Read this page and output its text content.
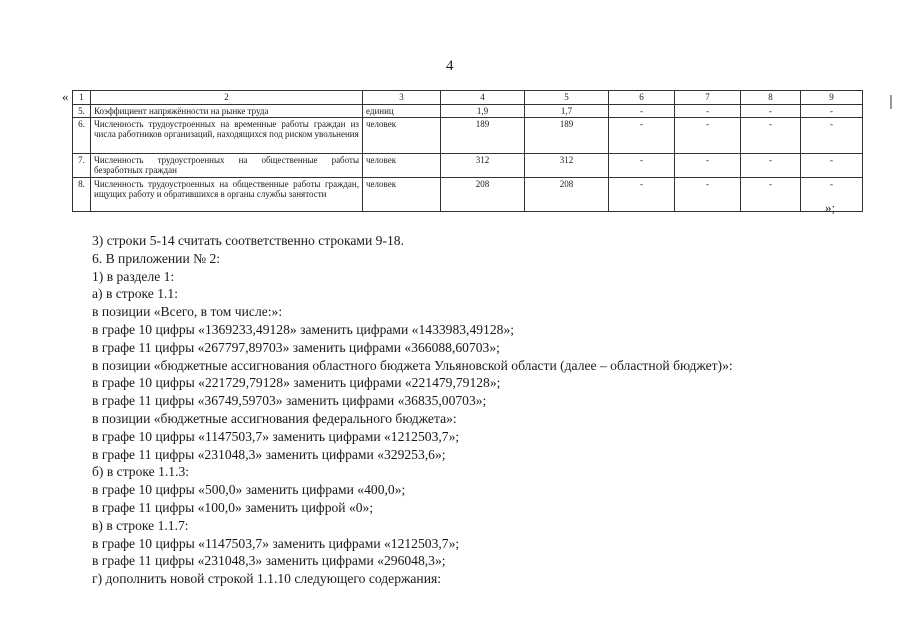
4
«
»;
1	2	3	4	5	6	7	8	9
5.	Коэффициент напряжённости на рынке труда	единиц	1,9	1,7	-	-	-	-
6.	Численность трудоустроенных на временные работы граждан из числа работников организаций, находящихся под риском увольнения	человек	189	189	-	-	-	-
7.	Численность трудоустроенных на общественные работы безработных граждан	человек	312	312	-	-	-	-
8.	Численность трудоустроенных на общественные работы граждан, ищущих работу и обратившихся в органы службы занятости	человек	208	208	-	-	-	-
3) строки 5-14 считать соответственно строками 9-18.
6. В приложении № 2:
1) в разделе 1:
а) в строке 1.1:
в позиции «Всего, в том числе:»:
в графе 10 цифры «1369233,49128» заменить цифрами «1433983,49128»;
в графе 11 цифры «267797,89703» заменить цифрами «366088,60703»;
в позиции «бюджетные ассигнования областного бюджета Ульяновской области (далее – областной бюджет)»:
в графе 10 цифры «221729,79128» заменить цифрами «221479,79128»;
в графе 11 цифры «36749,59703» заменить цифрами «36835,00703»;
в позиции «бюджетные ассигнования федерального бюджета»:
в графе 10 цифры «1147503,7» заменить цифрами «1212503,7»;
в графе 11 цифры «231048,3» заменить цифрами «329253,6»;
б) в строке 1.1.3:
в графе 10 цифры «500,0» заменить цифрами «400,0»;
в графе 11 цифры «100,0» заменить цифрой «0»;
в) в строке 1.1.7:
в графе 10 цифры «1147503,7» заменить цифрами «1212503,7»;
в графе 11 цифры «231048,3» заменить цифрами «296048,3»;
г) дополнить новой строкой 1.1.10 следующего содержания:
